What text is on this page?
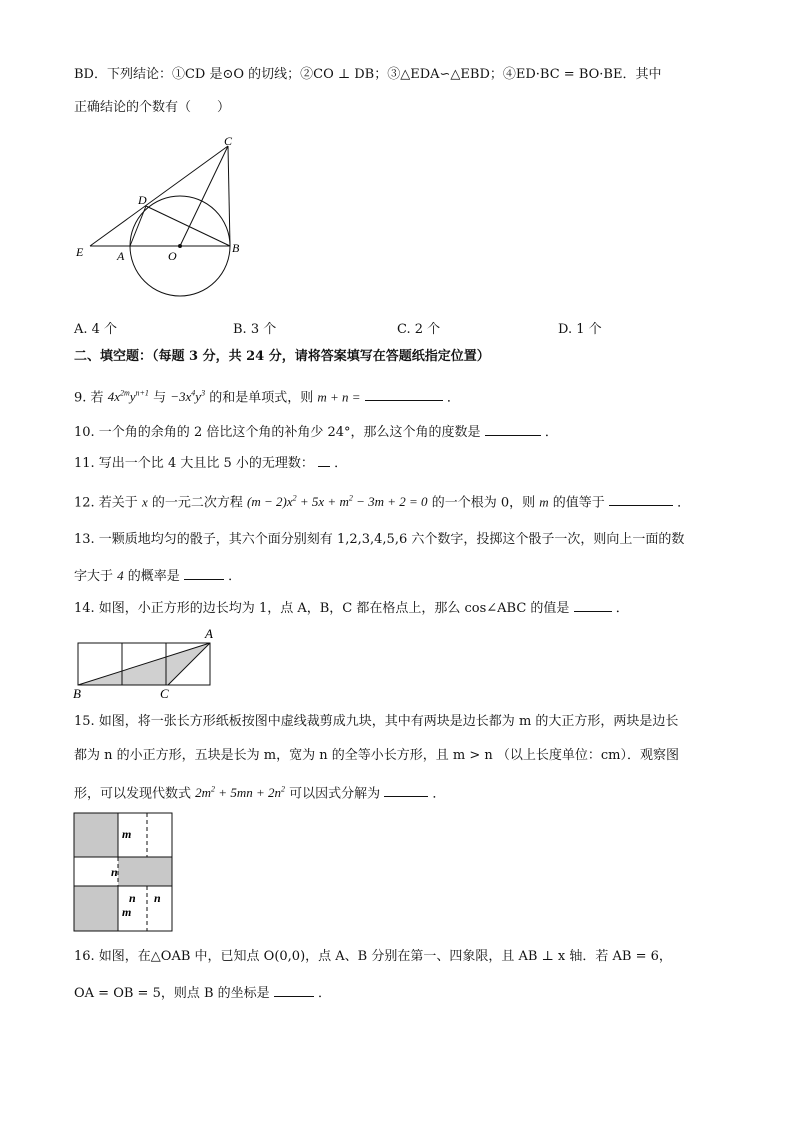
BD．下列结论：①CD 是⊙O 的切线；②CO ⊥ DB；③△EDA∽△EBD；④ED·BC = BO·BE．其中
正确结论的个数有（　　）
C
D
E	A	O
B
A. 4 个	B. 3 个	C. 2 个	D. 1 个
二、填空题：（每题 3 分，共 24 分，请将答案填写在答题纸指定位置）
9. 若 $4x^{2m}y^{n+1}$ 与 $-3x^4y^3$ 的和是单项式，则 m + n =	．
10. 一个角的余角的 2 倍比这个角的补角少 24°，那么这个角的度数是	．
11. 写出一个比 4 大且比 5 小的无理数： ．
12. 若关于 x 的一元二次方程 $(m - 2)x^2 + 5x + m^2 - 3m + 2 = 0$ 的一个根为 0，则 m 的值等于	．
13. 一颗质地均匀的骰子，其六个面分别刻有 1,2,3,4,5,6 六个数字，投掷这个骰子一次，则向上一面的数
字大于 4 的概率是	．
14. 如图，小正方形的边长均为 1，点 A，B，C 都在格点上，那么 cos∠ABC 的值是	．
A
B	C
15. 如图，将一张长方形纸板按图中虚线裁剪成九块，其中有两块是边长都为 m 的大正方形，两块是边长
都为 n 的小正方形，五块是长为 m，宽为 n 的全等小长方形，且 m > n （以上长度单位：cm）．观察图
形，可以发现代数式 $2m^2 + 5mn + 2n^2$ 可以因式分解为	．
m
n
n n
m
16. 如图，在△OAB 中，已知点 O(0,0)，点 A、B 分别在第一、四象限，且 AB ⊥ x 轴．若 AB = 6，
OA = OB = 5，则点 B 的坐标是	．
